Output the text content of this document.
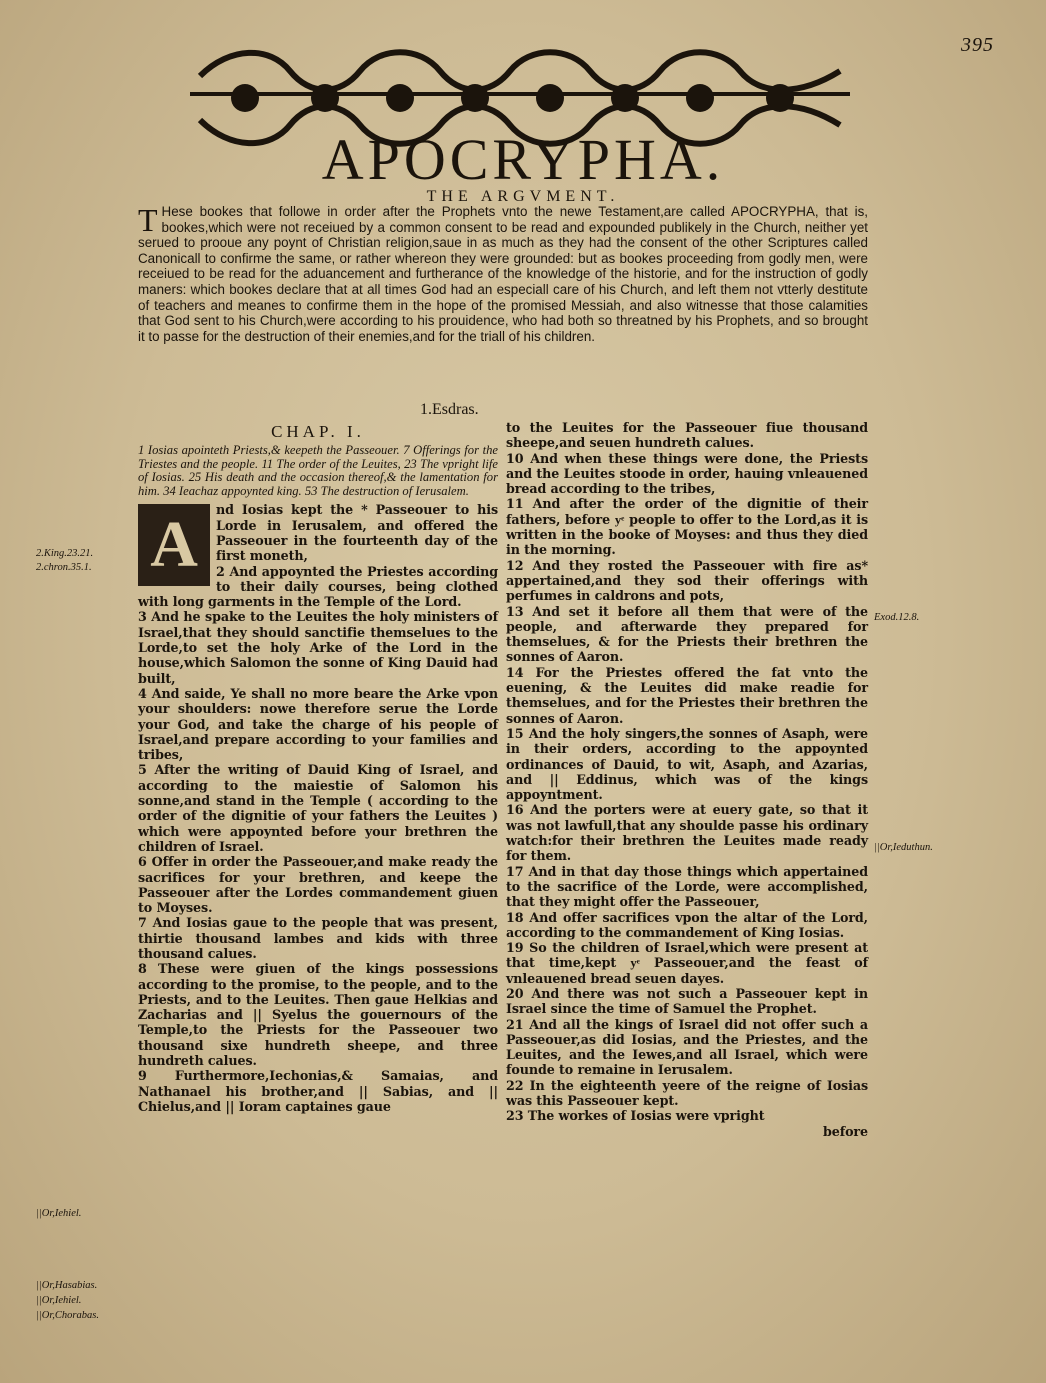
395
APOCRYPHA.
THE ARGVMENT.
T Hese bookes that followe in order after the Prophets vnto the newe Testament,are called APOCRYPHA, that is, bookes,which were not receiued by a common consent to be read and expounded publikely in the Church, neither yet serued to prooue any poynt of Christian religion,saue in as much as they had the consent of the other Scriptures called Canonicall to confirme the same, or rather whereon they were grounded: but as bookes proceeding from godly men, were receiued to be read for the aduancement and furtherance of the knowledge of the historie, and for the instruction of godly maners: which bookes declare that at all times God had an especiall care of his Church, and left them not vtterly destitute of teachers and meanes to confirme them in the hope of the promised Messiah, and also witnesse that those calamities that God sent to his Church,were according to his prouidence, who had both so threatned by his Prophets, and so brought it to passe for the destruction of their enemies,and for the triall of his children.
1.Esdras.
CHAP. I.

1 Iosias apointeth Priests,& keepeth the Passeouer. 7 Offerings for the Triestes and the people. 11 The order of the Leuites, 23 The vpright life of Iosias. 25 His death and the occasion thereof,& the lamentation for him. 34 Ieachaz appoynted king. 53 The destruction of Ierusalem.

A	nd Iosias kept the * Passeouer to his Lorde in Ierusalem, and offered the Passeouer in the fourteenth day of the first moneth,

2 And appoynted the Priestes according to their daily courses, being clothed with long garments in the Temple of the Lord.

3 And he spake to the Leuites the holy ministers of Israel,that they should sanctifie themselues to the Lorde,to set the holy Arke of the Lord in the house,which Salomon the sonne of King Dauid had built,

4 And saide, Ye shall no more beare the Arke vpon your shoulders: nowe therefore serue the Lorde your God, and take the charge of his people of Israel,and prepare according to your families and tribes,

5 After the writing of Dauid King of Israel, and according to the maiestie of Salomon his sonne,and stand in the Temple ( according to the order of the dignitie of your fathers the Leuites ) which were appoynted before your brethren the children of Israel.

6 Offer in order the Passeouer,and make ready the sacrifices for your brethren, and keepe the Passeouer after the Lordes commandement giuen to Moyses.

7 And Iosias gaue to the people that was present, thirtie thousand lambes and kids with three thousand calues.

8 These were giuen of the kings possessions according to the promise, to the people, and to the Priests, and to the Leuites. Then gaue Helkias and Zacharias and || Syelus the gouernours of the Temple,to the Priests for the Passeouer two thousand sixe hundreth sheepe, and three hundreth calues.

9 Furthermore,Iechonias,& Samaias, and Nathanael his brother,and || Sabias, and || Chielus,and || Ioram captaines gaue

to the Leuites for the Passeouer fiue thousand sheepe,and seuen hundreth calues.

10 And when these things were done, the Priests and the Leuites stoode in order, hauing vnleauened bread according to the tribes,

11 And after the order of the dignitie of their fathers, before yͤ people to offer to the Lord,as it is written in the booke of Moyses: and thus they died in the morning.

12 And they rosted the Passeouer with fire as* appertained,and they sod their offerings with perfumes in caldrons and pots,

13 And set it before all them that were of the people, and afterwarde they prepared for themselues, & for the Priests their brethren the sonnes of Aaron.

14 For the Priestes offered the fat vnto the euening, & the Leuites did make readie for themselues, and for the Priestes their brethren the sonnes of Aaron.

15 And the holy singers,the sonnes of Asaph, were in their orders, according to the appoynted ordinances of Dauid, to wit, Asaph, and Azarias, and || Eddinus, which was of the kings appoyntment.

16 And the porters were at euery gate, so that it was not lawfull,that any shoulde passe his ordinary watch:for their brethren the Leuites made ready for them.

17 And in that day those things which appertained to the sacrifice of the Lorde, were accomplished, that they might offer the Passeouer,

18 And offer sacrifices vpon the altar of the Lord, according to the commandement of King Iosias.

19 So the children of Israel,which were present at that time,kept yͤ Passeouer,and the feast of vnleauened bread seuen dayes.

20 And there was not such a Passeouer kept in Israel since the time of Samuel the Prophet.

21 And all the kings of Israel did not offer such a Passeouer,as did Iosias, and the Priestes, and the Leuites, and the Iewes,and all Israel, which were founde to remaine in Ierusalem.

22 In the eighteenth yeere of the reigne of Iosias was this Passeouer kept.

23 The workes of Iosias were vpright

before

2.King.23.21.
2.chron.35.1.
Exod.12.8.
||Or,Ieduthun.
||Or,Iehiel.
||Or,Hasabias.
||Or,Iehiel.
||Or,Chorabas.
